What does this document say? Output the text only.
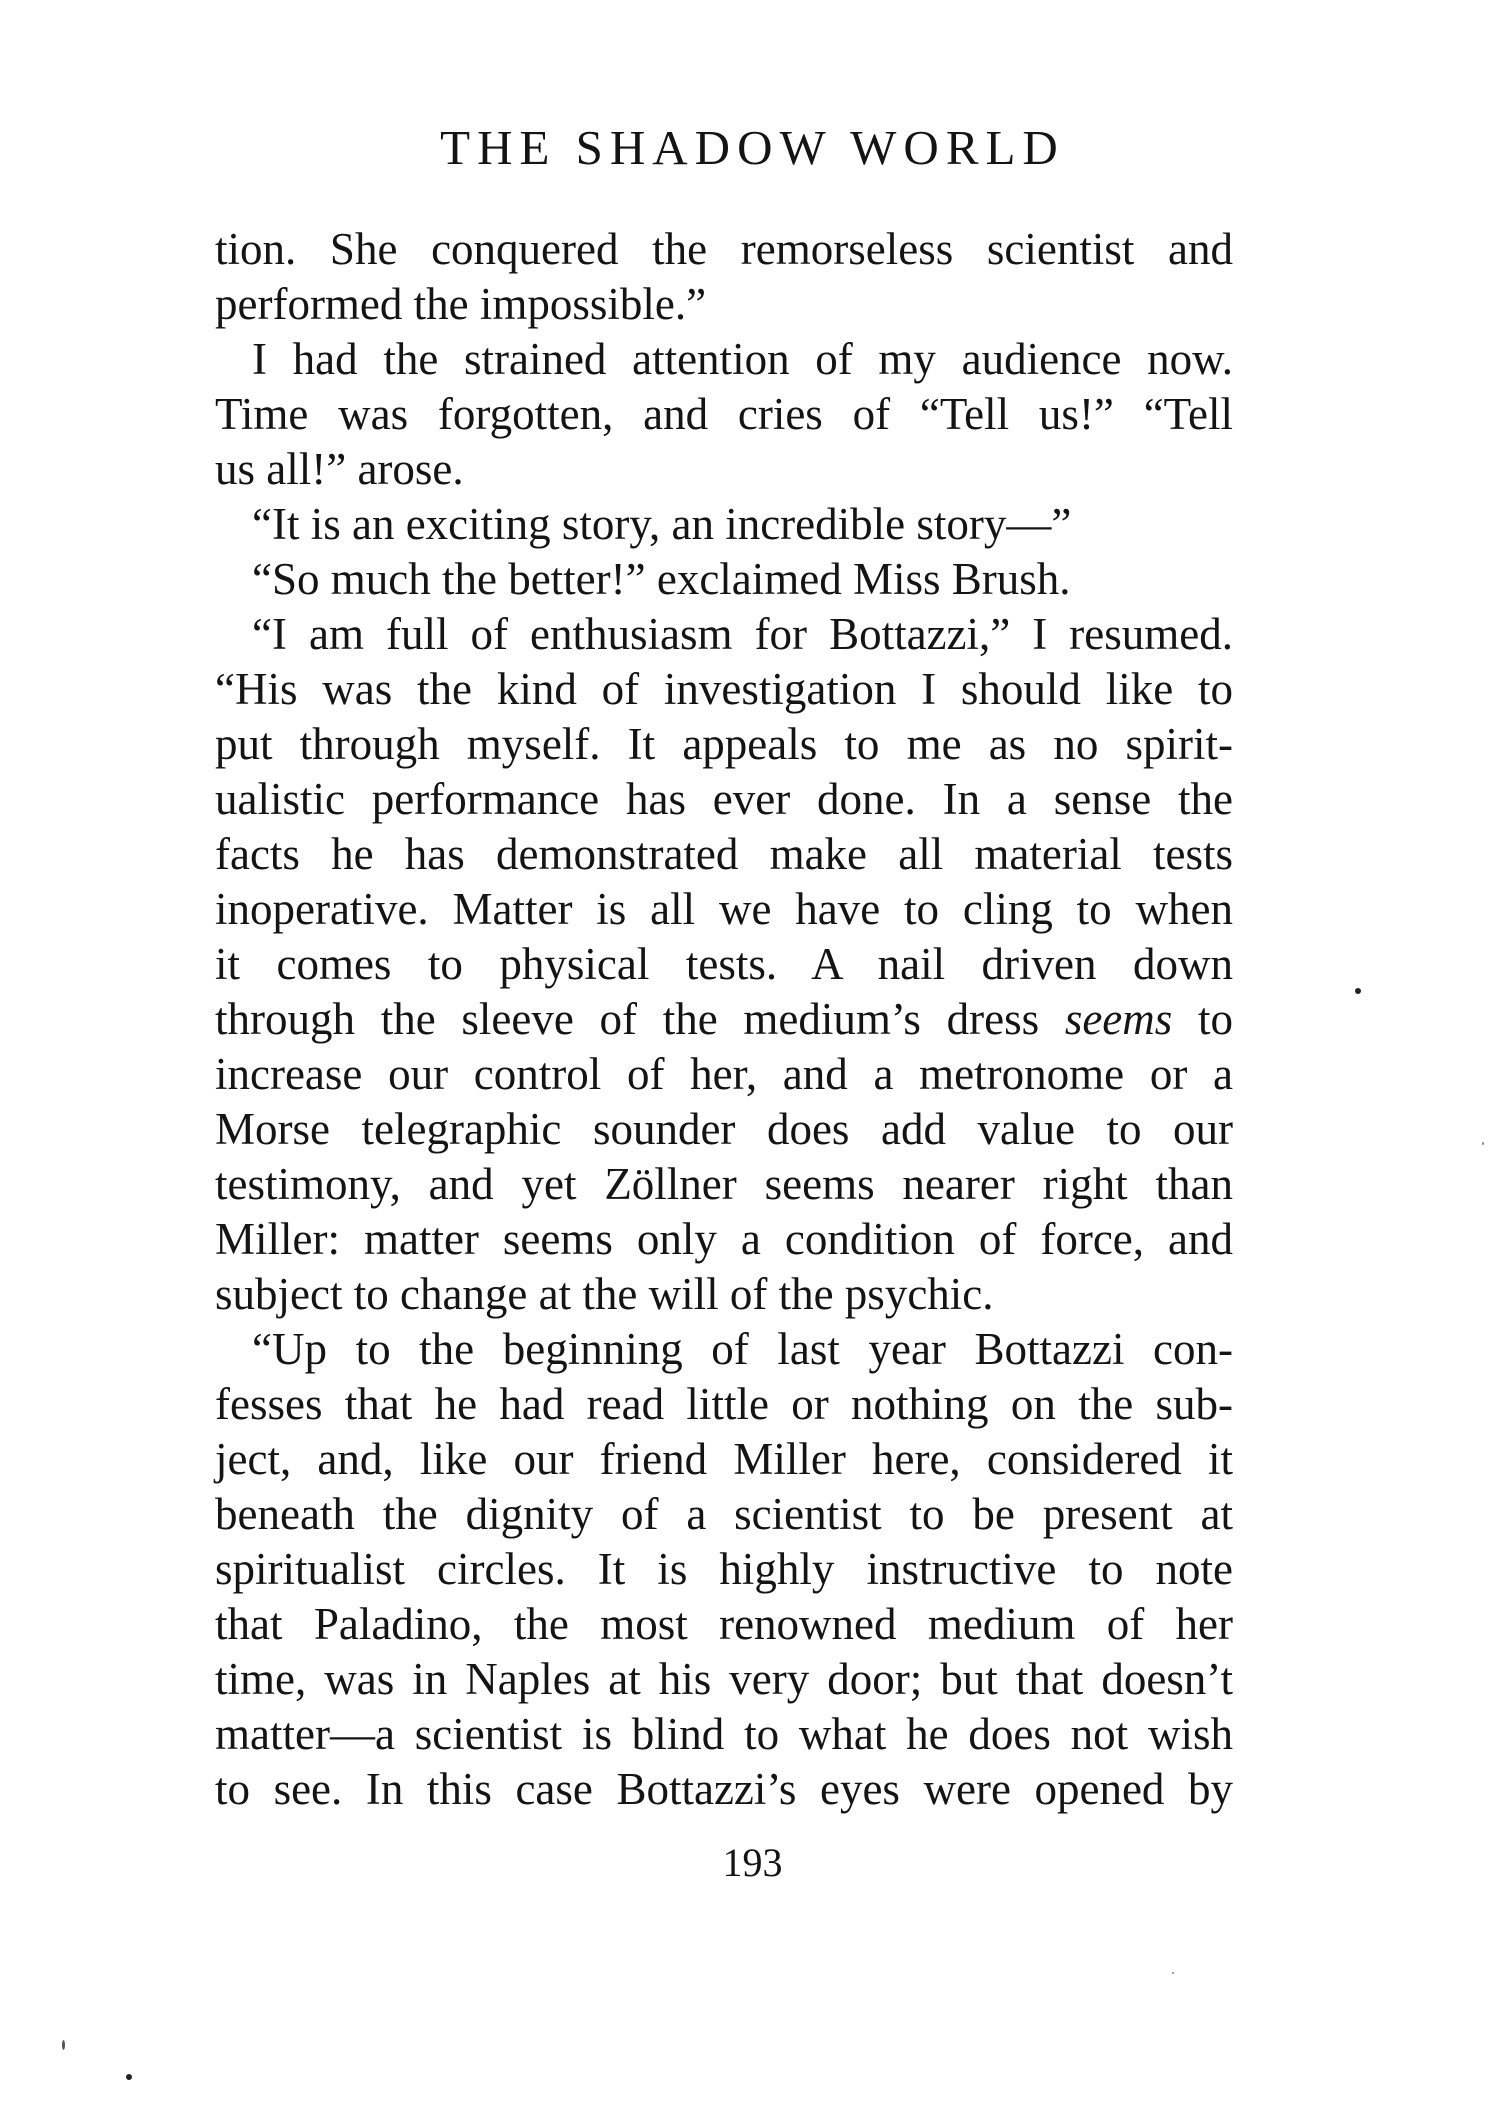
THE SHADOW WORLD
tion. She conquered the remorseless scientist and
performed the impossible.”
I had the strained attention of my audience now.
Time was forgotten, and cries of “Tell us!” “Tell
us all!” arose.
“It is an exciting story, an incredible story—”
“So much the better!” exclaimed Miss Brush.
“I am full of enthusiasm for Bottazzi,” I resumed.
“His was the kind of investigation I should like to
put through myself. It appeals to me as no spirit-
ualistic performance has ever done. In a sense the
facts he has demonstrated make all material tests
inoperative. Matter is all we have to cling to when
it comes to physical tests. A nail driven down
through the sleeve of the medium’s dress seems to
increase our control of her, and a metronome or a
Morse telegraphic sounder does add value to our
testimony, and yet Zöllner seems nearer right than
Miller: matter seems only a condition of force, and
subject to change at the will of the psychic.
“Up to the beginning of last year Bottazzi con-
fesses that he had read little or nothing on the sub-
ject, and, like our friend Miller here, considered it
beneath the dignity of a scientist to be present at
spiritualist circles. It is highly instructive to note
that Paladino, the most renowned medium of her
time, was in Naples at his very door; but that doesn’t
matter—a scientist is blind to what he does not wish
to see. In this case Bottazzi’s eyes were opened by
193
